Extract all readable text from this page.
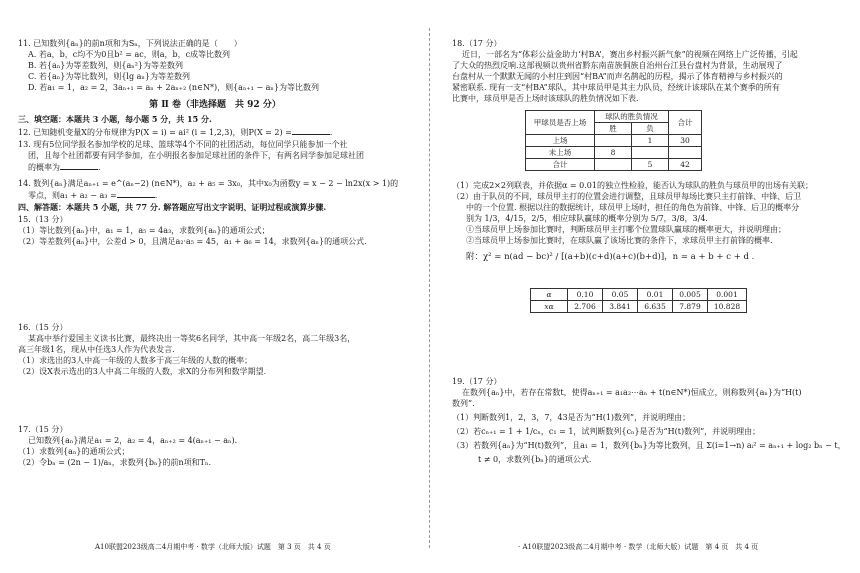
11. 已知数列{aₙ}的前n项和为Sₙ，下列说法正确的是（　　）
A. 若a，b，c均不为0且b² = ac，则a，b，c成等比数列
B. 若{aₙ}为等差数列，则{aₙ²}为等差数列
C. 若{aₙ}为等比数列，则{lg aₙ}为等差数列
D. 若a₁ = 1，a₂ = 2，3aₙ₊₁ = aₙ + 2aₙ₊₂ (n∈N*)，则{aₙ₊₁ − aₙ}为等比数列
第 Ⅱ 卷（非选择题　共 92 分）
三、填空题：本题共 3 小题，每小题 5 分，共 15 分.
12. 已知随机变量X的分布规律为P(X = i) = ai² (i = 1,2,3)，则P(X = 2) =	.
13. 现有5位同学报名参加学校的足球、篮球等4个不同的社团活动，每位同学只能参加一个社
团，且每个社团都要有同学参加，在小明报名参加足球社团的条件下，有两名同学参加足球社团
的概率为	.
14. 数列{aₙ}满足aₙ₊₁ = e^(aₙ−2) (n∈N*)，a₂ + a₅ = 3x₀，其中x₀为函数y = x − 2 − ln2x(x > 1)的
零点，则a₁ + a₂ − a₃ =	.
四、解答题：本题共 5 小题，共 77 分. 解答题应写出文字说明、证明过程或演算步骤.
15.（13 分）
（1）等比数列{aₙ}中，a₁ = 1，a₅ = 4a₃，求数列{aₙ}的通项公式；
（2）等差数列{aₙ}中，公差d > 0，且满足a₂·a₅ = 45，a₁ + a₆ = 14，求数列{aₙ}的通项公式.
16.（15 分）
某高中举行爱国主义读书比赛，最终决出一等奖6名同学，其中高一年级2名，高二年级3名，
高三年级1名，现从中任选3人作为代表发言.
（1）求选出的3人中高一年级的人数多于高三年级的人数的概率；
（2）设X表示选出的3人中高二年级的人数，求X的分布列和数学期望.
17.（15 分）
已知数列{aₙ}满足a₁ = 2，a₂ = 4，aₙ₊₂ = 4(aₙ₊₁ − aₙ).
（1）求数列{aₙ}的通项公式；
（2）令bₙ = (2n − 1)/aₙ，求数列{bₙ}的前n项和Tₙ.
A10联盟2023级高二4月期中考 · 数学（北师大版）试题　第 3 页　共 4 页
18.（17 分）
近日，一部名为“体彩公益金助力‘村BA’，赛出乡村振兴新气象”的视频在网络上广泛传播，引起
了大众的热烈反响.这部视频以贵州省黔东南苗族侗族自治州台江县台盘村为背景，生动展现了
台盘村从一个默默无闻的小村庄到因“村BA”而声名鹊起的历程，揭示了体育精神与乡村振兴的
紧密联系. 现有一支“村BA”球队，其中球员甲是其主力队员，经统计该球队在某个赛季的所有
比赛中，球员甲是否上场时该球队的胜负情况如下表.
甲球员是否上场	球队的胜负情况		合计
	胜	负	
上场		1	30
未上场	8		
合计		5	42
（1）完成2×2列联表，并依据α = 0.01的独立性检验，能否认为球队的胜负与球员甲的出场有关联；
（2）由于队员的不同，球员甲主打的位置会进行调整，且球员甲每场比赛只主打前锋、中锋、后卫
中的一个位置. 根据以往的数据统计，球员甲上场时，担任的角色为前锋、中锋、后卫的概率分
别为 1/3，4/15，2/5，相应球队赢球的概率分别为 5/7，3/8，3/4.
①当球员甲上场参加比赛时，判断球员甲主打哪个位置球队赢球的概率更大，并说明理由；
②当球员甲上场参加比赛时，在球队赢了该场比赛的条件下，求球员甲主打前锋的概率.
附：χ² = n(ad − bc)² / [(a+b)(c+d)(a+c)(b+d)]，n = a + b + c + d .
α	0.10	0.05	0.01	0.005	0.001
xα	2.706	3.841	6.635	7.879	10.828
19.（17 分）
在数列{aₙ}中，若存在常数t，使得aₙ₊₁ = a₁a₂⋯aₙ + t(n∈N*)恒成立，则称数列{aₙ}为“H(t)
数列”.
（1）判断数列1，2，3，7，43是否为“H(1)数列”，并说明理由；
（2）若cₙ₊₁ = 1 + 1/cₙ，c₁ = 1，试判断数列{cₙ}是否为“H(t)数列”，并说明理由；
（3）若数列{aₙ}为“H(t)数列”，且a₁ = 1，数列{bₙ}为等比数列，且 Σ(i=1→n) aᵢ² = aₙ₊₁ + log₂ bₙ − t，
t ≠ 0，求数列{bₙ}的通项公式.
· A10联盟2023级高二4月期中考 · 数学（北师大版）试题　第 4 页　共 4 页
